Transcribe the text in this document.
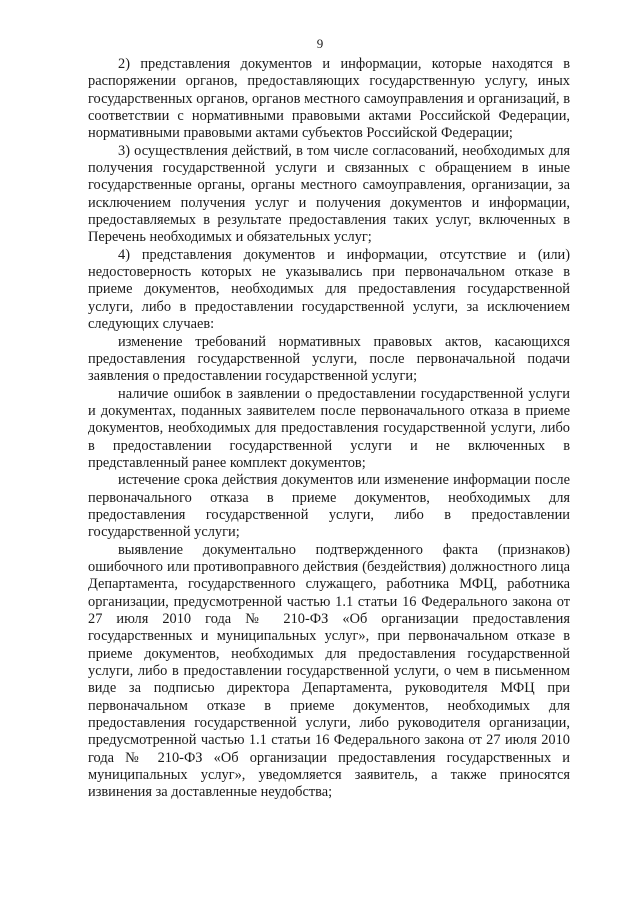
9

2) представления документов и информации, которые находятся в распоряжении органов, предоставляющих государственную услугу, иных государственных органов, органов местного самоуправления и организаций, в соответствии с нормативными правовыми актами Российской Федерации, нормативными правовыми актами субъектов Российской Федерации;

3) осуществления действий, в том числе согласований, необходимых для получения государственной услуги и связанных с обращением в иные государственные органы, органы местного самоуправления, организации, за исключением получения услуг и получения документов и информации, предоставляемых в результате предоставления таких услуг, включенных в Перечень необходимых и обязательных услуг;

4) представления документов и информации, отсутствие и (или) недостоверность которых не указывались при первоначальном отказе в приеме документов, необходимых для предоставления государственной услуги, либо в предоставлении государственной услуги, за исключением следующих случаев:

изменение требований нормативных правовых актов, касающихся предоставления государственной услуги, после первоначальной подачи заявления о предоставлении государственной услуги;

наличие ошибок в заявлении о предоставлении государственной услуги и документах, поданных заявителем после первоначального отказа в приеме документов, необходимых для предоставления государственной услуги, либо в предоставлении государственной услуги и не включенных в представленный ранее комплект документов;

истечение срока действия документов или изменение информации после первоначального отказа в приеме документов, необходимых для предоставления государственной услуги, либо в предоставлении государственной услуги;

выявление документально подтвержденного факта (признаков) ошибочного или противоправного действия (бездействия) должностного лица Департамента, государственного служащего, работника МФЦ, работника организации, предусмотренной частью 1.1 статьи 16 Федерального закона от 27 июля 2010 года № 210-ФЗ «Об организации предоставления государственных и муниципальных услуг», при первоначальном отказе в приеме документов, необходимых для предоставления государственной услуги, либо в предоставлении государственной услуги, о чем в письменном виде за подписью директора Департамента, руководителя МФЦ при первоначальном отказе в приеме документов, необходимых для предоставления государственной услуги, либо руководителя организации, предусмотренной частью 1.1 статьи 16 Федерального закона от 27 июля 2010 года № 210-ФЗ «Об организации предоставления государственных и муниципальных услуг», уведомляется заявитель, а также приносятся извинения за доставленные неудобства;
